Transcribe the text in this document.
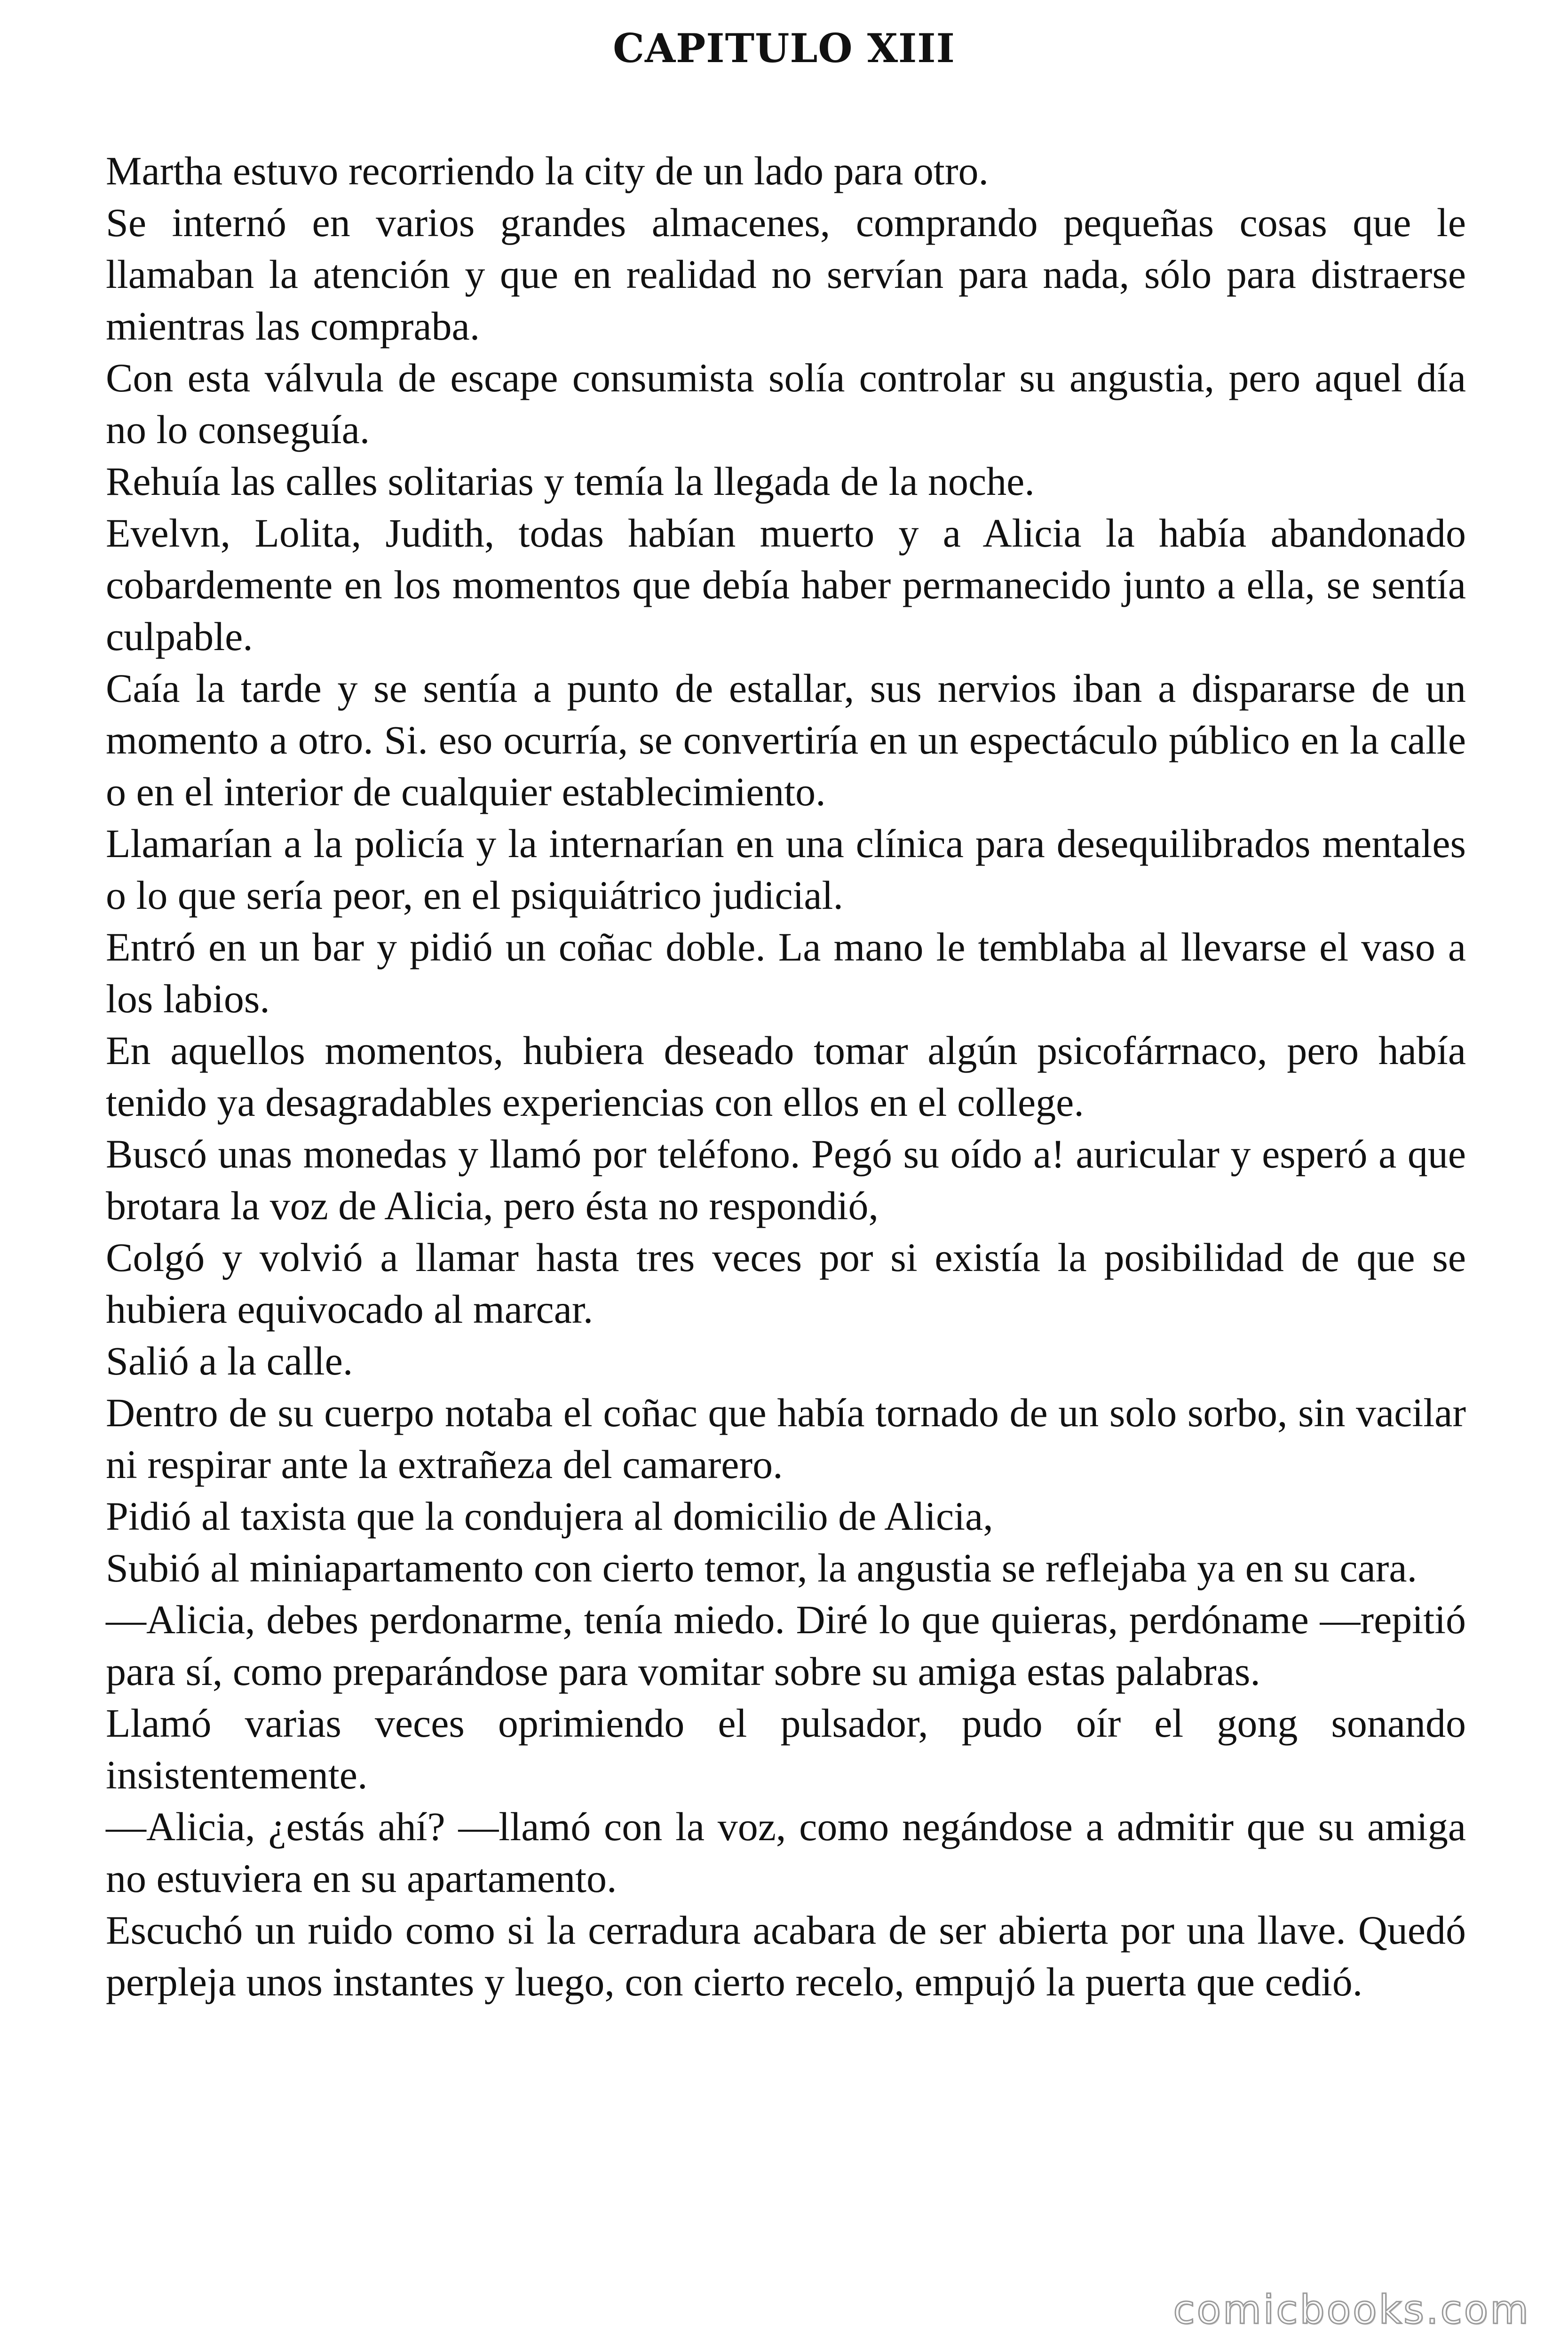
CAPITULO XIII

Martha estuvo recorriendo la city de un lado para otro.

Se internó en varios grandes almacenes, comprando pequeñas cosas que le llamaban la atención y que en realidad no servían para nada, sólo para distraerse mientras las compraba.

Con esta válvula de escape consumista solía controlar su angustia, pero aquel día no lo conseguía.

Rehuía las calles solitarias y temía la llegada de la noche.

Evelvn, Lolita, Judith, todas habían muerto y a Alicia la había abandonado cobardemente en los momentos que debía haber permanecido junto a ella, se sentía culpable.

Caía la tarde y se sentía a punto de estallar, sus nervios iban a dispararse de un momento a otro. Si. eso ocurría, se convertiría en un espectáculo público en la calle o en el interior de cualquier establecimiento.

Llamarían a la policía y la internarían en una clínica para desequilibrados mentales o lo que sería peor, en el psiquiátrico judicial.

Entró en un bar y pidió un coñac doble. La mano le temblaba al llevarse el vaso a los labios.

En aquellos momentos, hubiera deseado tomar algún psicofárrnaco, pero había tenido ya desagradables experiencias con ellos en el college.

Buscó unas monedas y llamó por teléfono. Pegó su oído a! auricular y esperó a que brotara la voz de Alicia, pero ésta no respondió,

Colgó y volvió a llamar hasta tres veces por si existía la posibilidad de que se hubiera equivocado al marcar.

Salió a la calle.

Dentro de su cuerpo notaba el coñac que había tornado de un solo sorbo, sin vacilar ni respirar ante la extrañeza del camarero.

Pidió al taxista que la condujera al domicilio de Alicia,

Subió al miniapartamento con cierto temor, la angustia se reflejaba ya en su cara.

—Alicia, debes perdonarme, tenía miedo. Diré lo que quieras, perdóname —repitió para sí, como preparándose para vomitar sobre su amiga estas palabras.

Llamó varias veces oprimiendo el pulsador, pudo oír el gong sonando insistentemente.

—Alicia, ¿estás ahí? —llamó con la voz, como negándose a admitir que su amiga no estuviera en su apartamento.

Escuchó un ruido como si la cerradura acabara de ser abierta por una llave. Quedó perpleja unos instantes y luego, con cierto recelo, empujó la puerta que cedió.

comicbooks.com
